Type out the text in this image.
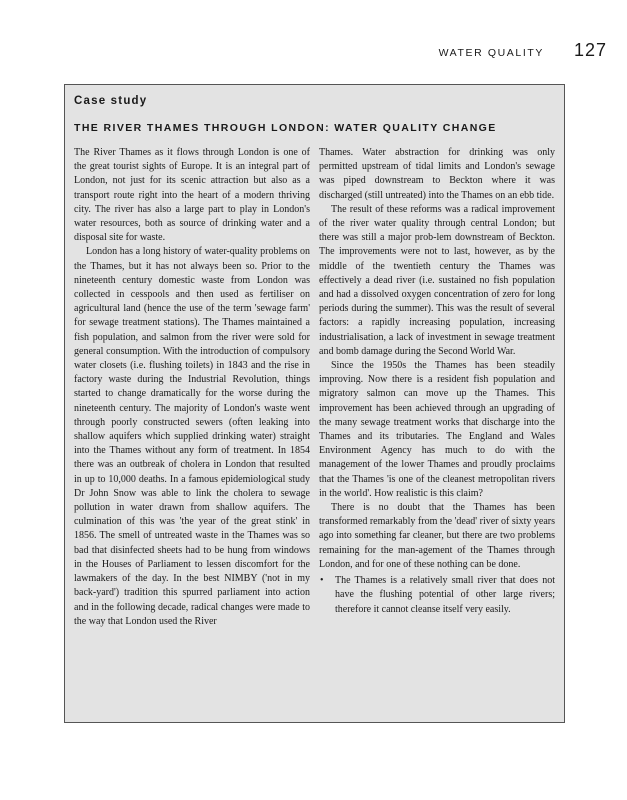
WATER QUALITY 127
Case study
THE RIVER THAMES THROUGH LONDON: WATER QUALITY CHANGE

The River Thames as it flows through London is one of the great tourist sights of Europe. It is an integral part of London, not just for its scenic attraction but also as a transport route right into the heart of a modern thriving city. The river has also a large part to play in London's water resources, both as source of drinking water and a disposal site for waste.

London has a long history of water-quality problems on the Thames, but it has not always been so. Prior to the nineteenth century domestic waste from London was collected in cesspools and then used as fertiliser on agricultural land (hence the use of the term 'sewage farm' for sewage treatment stations). The Thames maintained a fish population, and salmon from the river were sold for general consumption. With the introduction of compulsory water closets (i.e. flushing toilets) in 1843 and the rise in factory waste during the Industrial Revolution, things started to change dramatically for the worse during the nineteenth century. The majority of London's waste went through poorly constructed sewers (often leaking into shallow aquifers which supplied drinking water) straight into the Thames without any form of treatment. In 1854 there was an outbreak of cholera in London that resulted in up to 10,000 deaths. In a famous epidemiological study Dr John Snow was able to link the cholera to sewage pollution in water drawn from shallow aquifers. The culmination of this was 'the year of the great stink' in 1856. The smell of untreated waste in the Thames was so bad that disinfected sheets had to be hung from windows in the Houses of Parliament to lessen discomfort for the lawmakers of the day. In the best NIMBY ('not in my back-yard') tradition this spurred parliament into action and in the following decade, radical changes were made to the way that London used the River

Thames. Water abstraction for drinking was only permitted upstream of tidal limits and London's sewage was piped downstream to Beckton where it was discharged (still untreated) into the Thames on an ebb tide.

The result of these reforms was a radical improvement of the river water quality through central London; but there was still a major prob-lem downstream of Beckton. The improvements were not to last, however, as by the middle of the twentieth century the Thames was effectively a dead river (i.e. sustained no fish population and had a dissolved oxygen concentration of zero for long periods during the summer). This was the result of several factors: a rapidly increasing population, increasing industrialisation, a lack of investment in sewage treatment and bomb damage during the Second World War.

Since the 1950s the Thames has been steadily improving. Now there is a resident fish population and migratory salmon can move up the Thames. This improvement has been achieved through an upgrading of the many sewage treatment works that discharge into the Thames and its tributaries. The England and Wales Environment Agency has much to do with the management of the lower Thames and proudly proclaims that the Thames 'is one of the cleanest metropolitan rivers in the world'. How realistic is this claim?

There is no doubt that the Thames has been transformed remarkably from the 'dead' river of sixty years ago into something far cleaner, but there are two problems remaining for the man-agement of the Thames through London, and for one of these nothing can be done.

• The Thames is a relatively small river that does not have the flushing potential of other large rivers; therefore it cannot cleanse itself very easily.
